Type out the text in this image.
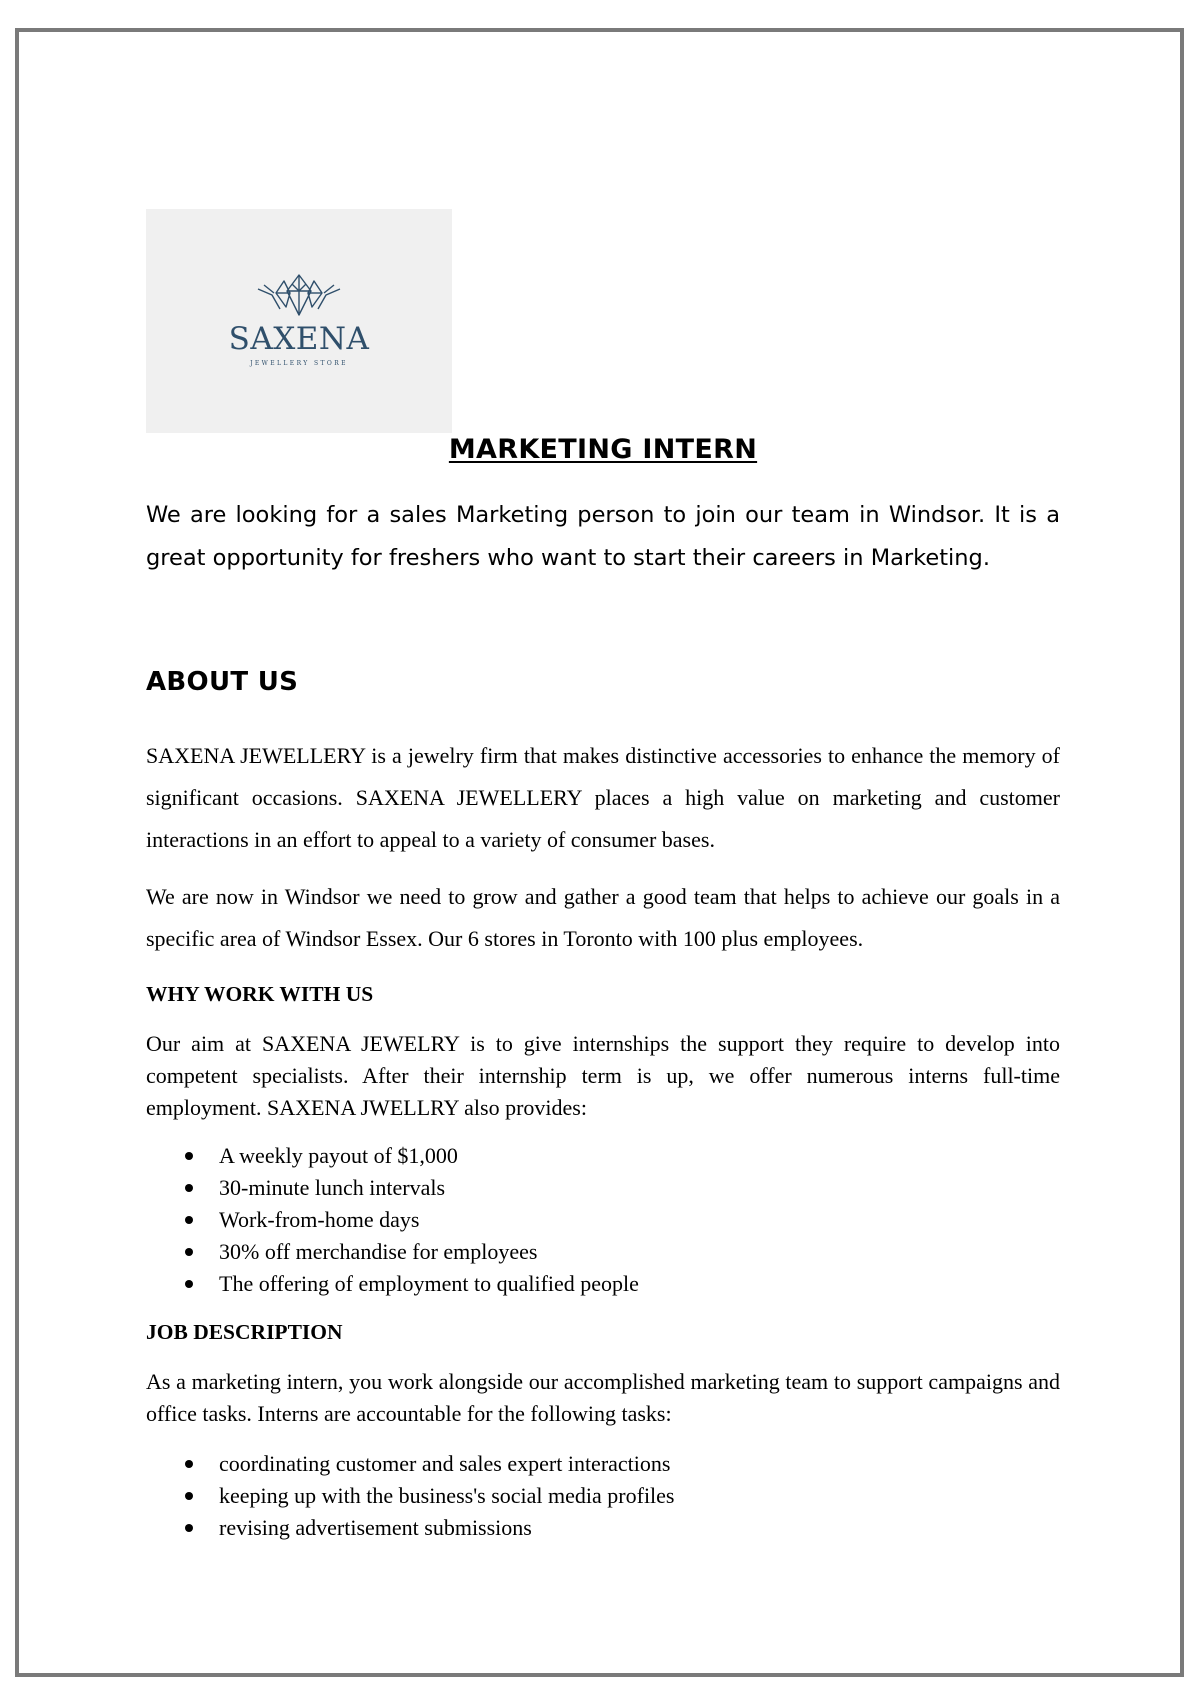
SAXENA
JEWELLERY STORE
MARKETING INTERN
We are looking for a sales Marketing person to join our team in Windsor. It is a great opportunity for freshers who want to start their careers in Marketing.
ABOUT US
SAXENA JEWELLERY is a jewelry firm that makes distinctive accessories to enhance the memory of significant occasions. SAXENA JEWELLERY places a high value on marketing and customer interactions in an effort to appeal to a variety of consumer bases.
We are now in Windsor we need to grow and gather a good team that helps to achieve our goals in a specific area of Windsor Essex. Our 6 stores in Toronto with 100 plus employees.
WHY WORK WITH US
Our aim at SAXENA JEWELRY is to give internships the support they require to develop into competent specialists. After their internship term is up, we offer numerous interns full-time employment. SAXENA JWELLRY also provides:
A weekly payout of $1,000
30-minute lunch intervals
Work-from-home days
30% off merchandise for employees
The offering of employment to qualified people
JOB DESCRIPTION
As a marketing intern, you work alongside our accomplished marketing team to support campaigns and office tasks. Interns are accountable for the following tasks:
coordinating customer and sales expert interactions
keeping up with the business's social media profiles
revising advertisement submissions
